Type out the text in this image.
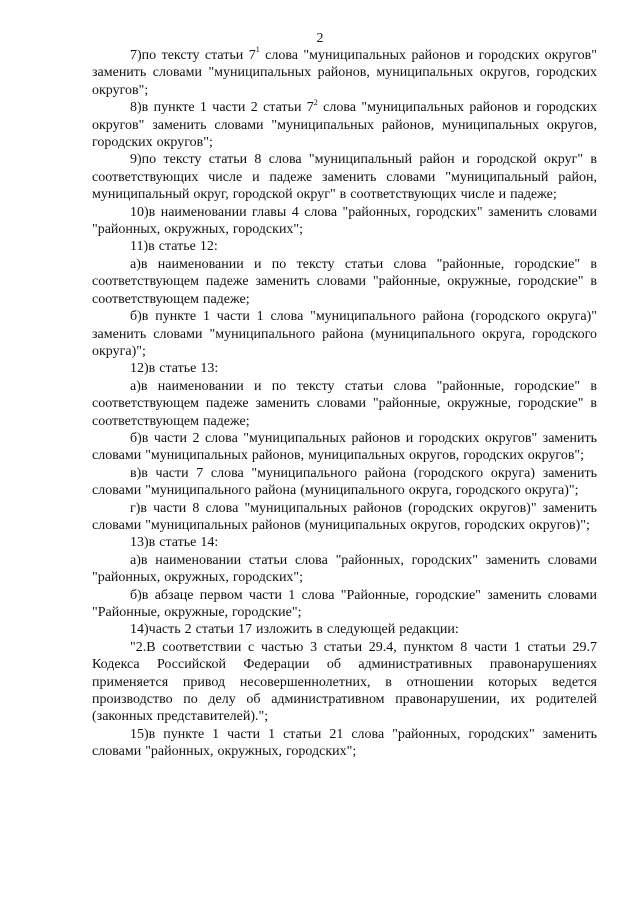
2

7)по тексту статьи $7^1$ слова "муниципальных районов и городских округов" заменить словами "муниципальных районов, муниципальных округов, городских округов";

8)в пункте 1 части 2 статьи $7^2$ слова "муниципальных районов и городских округов" заменить словами "муниципальных районов, муниципальных округов, городских округов";

9)по тексту статьи 8 слова "муниципальный район и городской округ" в соответствующих числе и падеже заменить словами "муниципальный район, муниципальный округ, городской округ" в соответствующих числе и падеже;

10)в наименовании главы 4 слова "районных, городских" заменить словами "районных, окружных, городских";

11)в статье 12:

а)в наименовании и по тексту статьи слова "районные, городские" в соответствующем падеже заменить словами "районные, окружные, городские" в соответствующем падеже;

б)в пункте 1 части 1 слова "муниципального района (городского округа)" заменить словами "муниципального района (муниципального округа, городского округа)";

12)в статье 13:

а)в наименовании и по тексту статьи слова "районные, городские" в соответствующем падеже заменить словами "районные, окружные, городские" в соответствующем падеже;

б)в части 2 слова "муниципальных районов и городских округов" заменить словами "муниципальных районов, муниципальных округов, городских округов";

в)в части 7 слова "муниципального района (городского округа) заменить словами "муниципального района (муниципального округа, городского округа)";

г)в части 8 слова "муниципальных районов (городских округов)" заменить словами "муниципальных районов (муниципальных округов, городских округов)";

13)в статье 14:

а)в наименовании статьи слова "районных, городских" заменить словами "районных, окружных, городских";

б)в абзаце первом части 1 слова "Районные, городские" заменить словами "Районные, окружные, городские";

14)часть 2 статьи 17 изложить в следующей редакции:

"2.В соответствии с частью 3 статьи 29.4, пунктом 8 части 1 статьи 29.7 Кодекса Российской Федерации об административных правонарушениях применяется привод несовершеннолетних, в отношении которых ведется производство по делу об административном правонарушении, их родителей (законных представителей).";

15)в пункте 1 части 1 статьи 21 слова "районных, городских" заменить словами "районных, окружных, городских";
